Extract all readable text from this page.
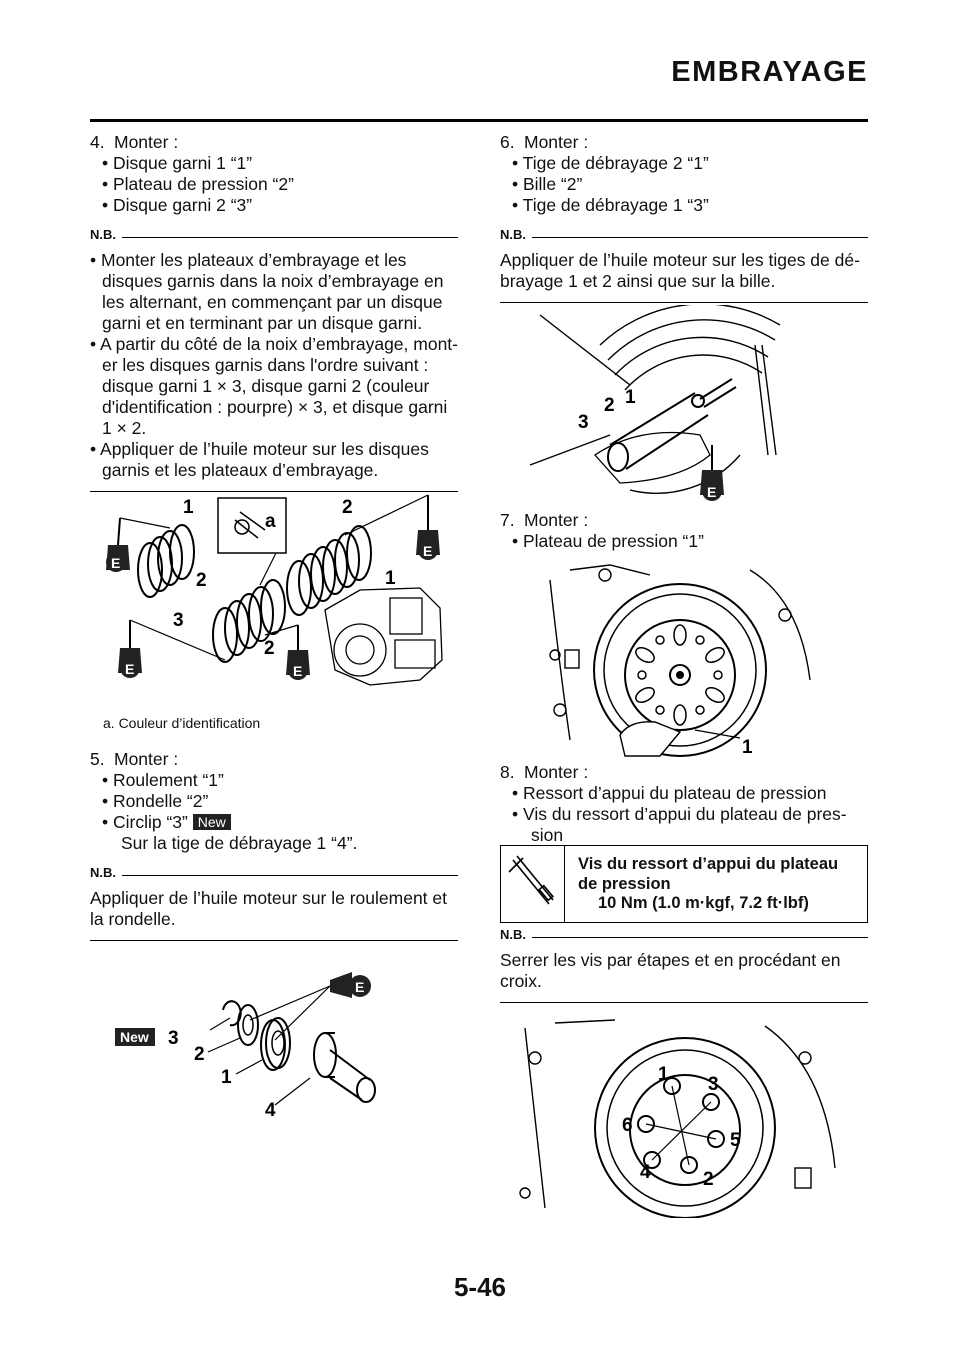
EMBRAYAGE
4. Monter :
• Disque garni 1 “1”
• Plateau de pression “2”
• Disque garni 2 “3”
N.B.
• Monter les plateaux d’embrayage et les
disques garnis dans la noix d’embrayage en
les alternant, en commençant par un disque
garni et en terminant par un disque garni.
• A partir du côté de la noix d’embrayage, mont-
er les disques garnis dans l'ordre suivant :
disque garni 1 × 3, disque garni 2 (couleur
d'identification : pourpre) × 3, et disque garni
1 × 2.
• Appliquer de l’huile moteur sur les disques
garnis et les plateaux d’embrayage.
E
E
E	E
1
a
2
2	1
3
2
a. Couleur d’identification
5. Monter :
• Roulement “1”
• Rondelle “2”
• Circlip “3” New
Sur la tige de débrayage 1 “4”.
N.B.
Appliquer de l’huile moteur sur le roulement et
la rondelle.
E
New 3
2
1
4
6. Monter :
• Tige de débrayage 2 “1”
• Bille “2”
• Tige de débrayage 1 “3”
N.B.
Appliquer de l’huile moteur sur les tiges de dé-
brayage 1 et 2 ainsi que sur la bille.
E
3
2 1
7. Monter :
• Plateau de pression “1”
1
8. Monter :
• Ressort d’appui du plateau de pression
• Vis du ressort d’appui du plateau de pres-
sion
Vis du ressort d’appui du plateau
de pression
10 Nm (1.0 m·kgf, 7.2 ft·lbf)
N.B.
Serrer les vis par étapes et en procédant en
croix.
1 3
6
5
4	2
5-46
